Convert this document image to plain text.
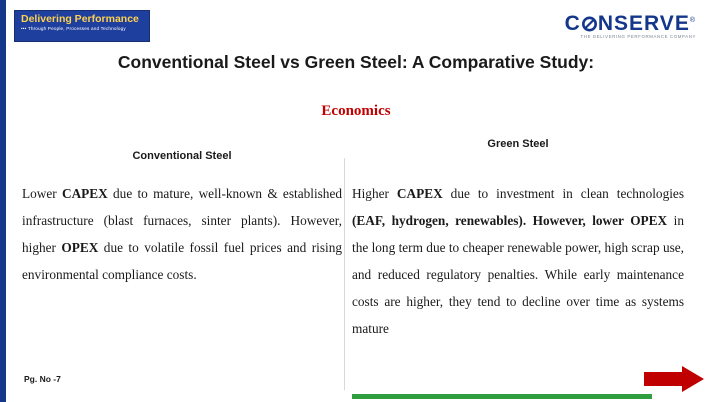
Delivering Performance
••• Through People, Processes and Technology	C NSERVE®
THE DELIVERING PERFORMANCE COMPANY
Conventional Steel vs Green Steel: A Comparative Study:
Economics
Conventional Steel
Lower CAPEX due to mature, well-known & established infrastructure (blast furnaces, sinter plants). However, higher OPEX due to volatile fossil fuel prices and rising environmental compliance costs.
Green Steel
Higher CAPEX due to investment in clean technologies (EAF, hydrogen, renewables). However, lower OPEX in the long term due to cheaper renewable power, high scrap use, and reduced regulatory penalties. While early maintenance costs are higher, they tend to decline over time as systems mature
Pg. No -7
